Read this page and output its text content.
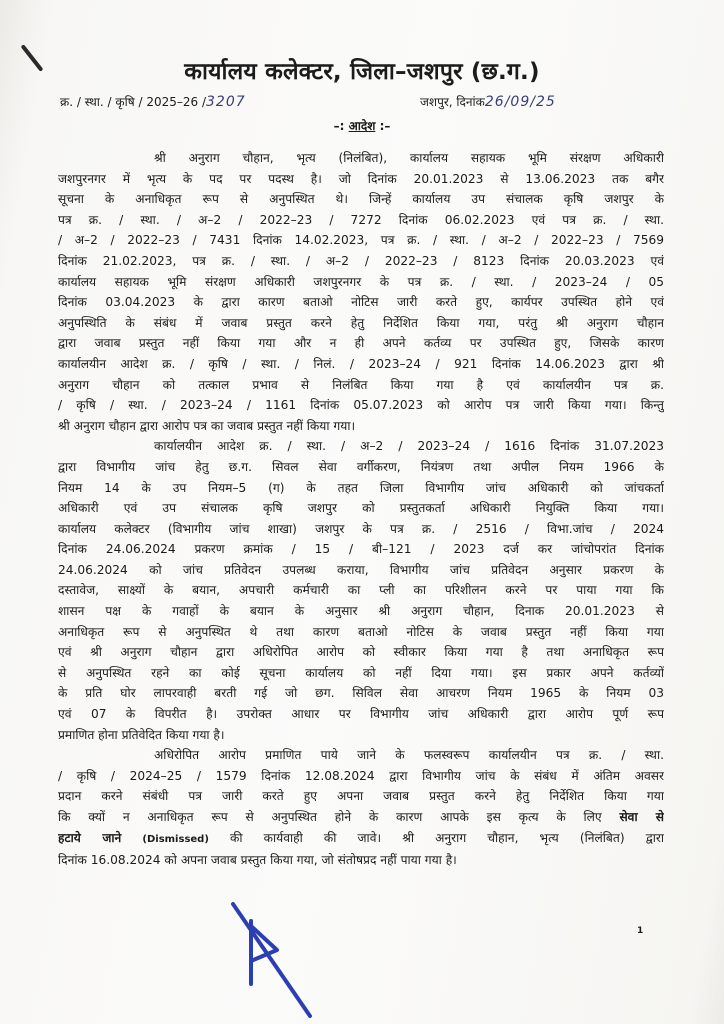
कार्यालय कलेक्टर, जिला–जशपुर (छ.ग.)
क्र. / स्था. / कृषि / 2025–26 /3207	जशपुर, दिनांक26/09/25
–: आदेश :–
श्री अनुराग चौहान, भृत्य (निलंबित), कार्यालय सहायक भूमि संरक्षण अधिकारी
जशपुरनगर में भृत्य के पद पर पदस्थ है। जो दिनांक 20.01.2023 से 13.06.2023 तक बगैर
सूचना के अनाधिकृत रूप से अनुपस्थित थे। जिन्हें कार्यालय उप संचालक कृषि जशपुर के
पत्र क्र. / स्था. / अ–2 / 2022–23 / 7272 दिनांक 06.02.2023 एवं पत्र क्र. / स्था.
/ अ–2 / 2022–23 / 7431 दिनांक 14.02.2023, पत्र क्र. / स्था. / अ–2 / 2022–23 / 7569
दिनांक 21.02.2023, पत्र क्र. / स्था. / अ–2 / 2022–23 / 8123 दिनांक 20.03.2023 एवं
कार्यालय सहायक भूमि संरक्षण अधिकारी जशपुरनगर के पत्र क्र. / स्था. / 2023–24 / 05
दिनांक 03.04.2023 के द्वारा कारण बताओ नोटिस जारी करते हुए, कार्यपर उपस्थित होने एवं
अनुपस्थिति के संबंध में जवाब प्रस्तुत करने हेतु निर्देशित किया गया, परंतु श्री अनुराग चौहान
द्वारा जवाब प्रस्तुत नहीं किया गया और न ही अपने कर्तव्य पर उपस्थित हुए, जिसके कारण
कार्यालयीन आदेश क्र. / कृषि / स्था. / निलं. / 2023–24 / 921 दिनांक 14.06.2023 द्वारा श्री
अनुराग चौहान को तत्काल प्रभाव से निलंबित किया गया है एवं कार्यालयीन पत्र क्र.
/ कृषि / स्था. / 2023–24 / 1161 दिनांक 05.07.2023 को आरोप पत्र जारी किया गया। किन्तु
श्री अनुराग चौहान द्वारा आरोप पत्र का जवाब प्रस्तुत नहीं किया गया।
कार्यालयीन आदेश क्र. / स्था. / अ–2 / 2023–24 / 1616 दिनांक 31.07.2023
द्वारा विभागीय जांच हेतु छ.ग. सिवल सेवा वर्गीकरण, नियंत्रण तथा अपील नियम 1966 के
नियम 14 के उप नियम–5 (ग) के तहत जिला विभागीय जांच अधिकारी को जांचकर्ता
अधिकारी एवं उप संचालक कृषि जशपुर को प्रस्तुतकर्ता अधिकारी नियुक्ति किया गया।
कार्यालय कलेक्टर (विभागीय जांच शाखा) जशपुर के पत्र क्र. / 2516 / विभा.जांच / 2024
दिनांक 24.06.2024 प्रकरण क्रमांक / 15 / बी–121 / 2023 दर्ज कर जांचोपरांत दिनांक
24.06.2024 को जांच प्रतिवेदन उपलब्ध कराया, विभागीय जांच प्रतिवेदन अनुसार प्रकरण के
दस्तावेज, साक्ष्यों के बयान, अपचारी कर्मचारी का प्ली का परिशीलन करने पर पाया गया कि
शासन पक्ष के गवाहों के बयान के अनुसार श्री अनुराग चौहान, दिनाक 20.01.2023 से
अनाधिकृत रूप से अनुपस्थित थे तथा कारण बताओ नोटिस के जवाब प्रस्तुत नहीं किया गया
एवं श्री अनुराग चौहान द्वारा अधिरोपित आरोप को स्वीकार किया गया है तथा अनाधिकृत रूप
से अनुपस्थित रहने का कोई सूचना कार्यालय को नहीं दिया गया। इस प्रकार अपने कर्तव्यों
के प्रति घोर लापरवाही बरती गई जो छग. सिविल सेवा आचरण नियम 1965 के नियम 03
एवं 07 के विपरीत है। उपरोक्त आधार पर विभागीय जांच अधिकारी द्वारा आरोप पूर्ण रूप
प्रमाणित होना प्रतिवेदित किया गया है।
अधिरोपित आरोप प्रमाणित पाये जाने के फलस्वरूप कार्यालयीन पत्र क्र. / स्था.
/ कृषि / 2024–25 / 1579 दिनांक 12.08.2024 द्वारा विभागीय जांच के संबंध में अंतिम अवसर
प्रदान करने संबंधी पत्र जारी करते हुए अपना जवाब प्रस्तुत करने हेतु निर्देशित किया गया
कि क्यों न अनाधिकृत रूप से अनुपस्थित होने के कारण आपके इस कृत्य के लिए सेवा से
हटाये जाने (Dismissed) की कार्यवाही की जावे। श्री अनुराग चौहान, भृत्य (निलंबित) द्वारा
दिनांक 16.08.2024 को अपना जवाब प्रस्तुत किया गया, जो संतोषप्रद नहीं पाया गया है।
1
